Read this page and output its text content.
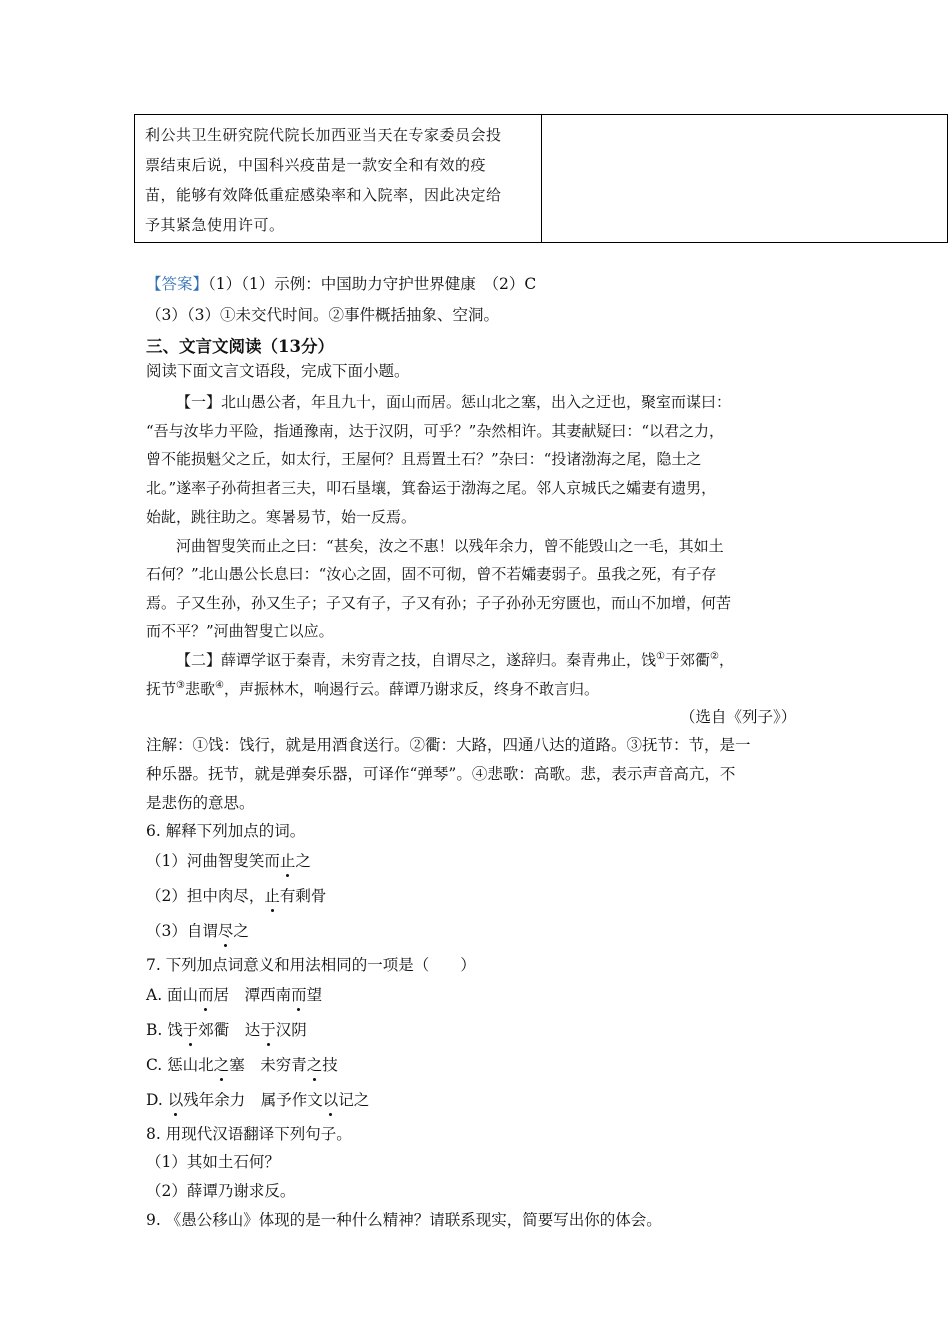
利公共卫生研究院代院长加西亚当天在专家委员会投
票结束后说，中国科兴疫苗是一款安全和有效的疫
苗，能够有效降低重症感染率和入院率，因此决定给
予其紧急使用许可。

【答案】（1）（1）示例：中国助力守护世界健康　（2）C
（3）（3）①未交代时间。②事件概括抽象、空洞。
三、文言文阅读（13分）
阅读下面文言文语段，完成下面小题。
【一】北山愚公者，年且九十，面山而居。惩山北之塞，出入之迂也，聚室而谋曰：
“吾与汝毕力平险，指通豫南，达于汉阴，可乎？”杂然相许。其妻献疑曰：“以君之力，
曾不能损魁父之丘，如太行，王屋何？且焉置土石？”杂曰：“投诸渤海之尾，隐土之
北。”遂率子孙荷担者三夫，叩石垦壤，箕畚运于渤海之尾。邻人京城氏之孀妻有遗男，
始龀，跳往助之。寒暑易节，始一反焉。
河曲智叟笑而止之曰：“甚矣，汝之不惠！以残年余力，曾不能毁山之一毛，其如土
石何？”北山愚公长息曰：“汝心之固，固不可彻，曾不若孀妻弱子。虽我之死，有子存
焉。子又生孙，孙又生子；子又有子，子又有孙；子子孙孙无穷匮也，而山不加增，何苦
而不平？”河曲智叟亡以应。
【二】薛谭学讴于秦青，未穷青之技，自谓尽之，遂辞归。秦青弗止，饯①于郊衢②，
抚节③悲歌④，声振林木，响遏行云。薛谭乃谢求反，终身不敢言归。
（选自《列子》）
注解：①饯：饯行，就是用酒食送行。②衢：大路，四通八达的道路。③抚节：节，是一
种乐器。抚节，就是弹奏乐器，可译作“弹琴”。④悲歌：高歌。悲，表示声音高亢，不
是悲伤的意思。
6. 解释下列加点的词。
（1）河曲智叟笑而止之
（2）担中肉尽，止有剩骨
（3）自谓尽之
7. 下列加点词意义和用法相同的一项是（　　）
A. 面山而居　潭西南而望
B. 饯于郊衢　达于汉阴
C. 惩山北之塞　未穷青之技
D. 以残年余力　属予作文以记之
8. 用现代汉语翻译下列句子。
（1）其如土石何？
（2）薛谭乃谢求反。
9. 《愚公移山》体现的是一种什么精神？请联系现实，简要写出你的体会。
